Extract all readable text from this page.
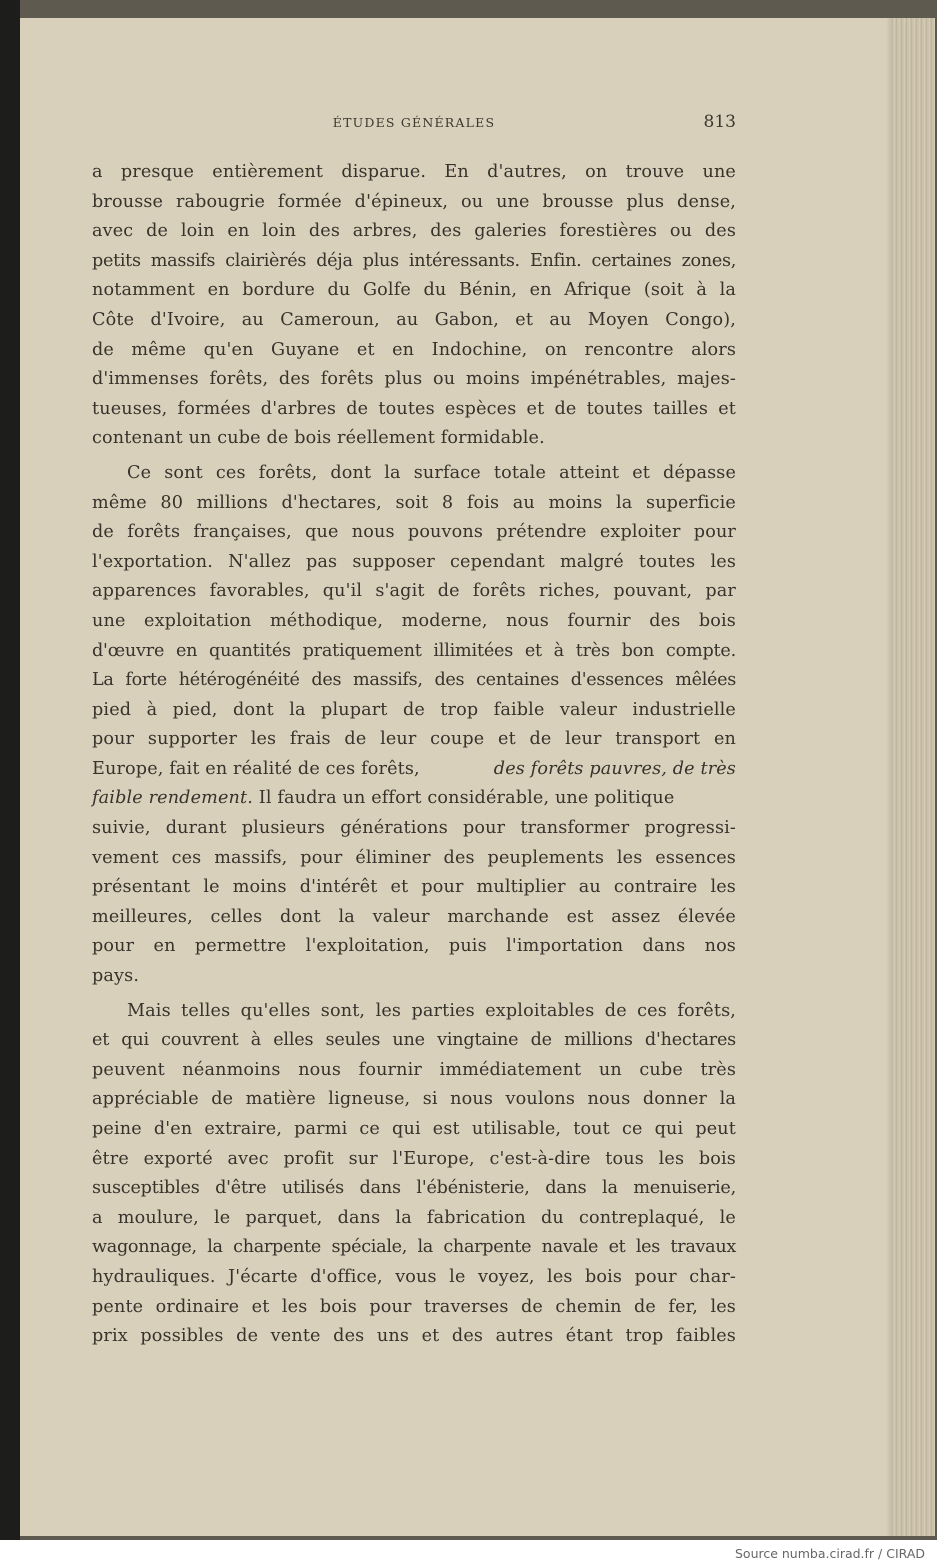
ÉTUDES GÉNÉRALES	813
a presque entièrement disparue. En d'autres, on trouve une
brousse rabougrie formée d'épineux, ou une brousse plus dense,
avec de loin en loin des arbres, des galeries forestières ou des
petits massifs clairièrés déja plus intéressants. Enfin. certaines zones,
notamment en bordure du Golfe du Bénin, en Afrique (soit à la
Côte d'Ivoire, au Cameroun, au Gabon, et au Moyen Congo),
de même qu'en Guyane et en Indochine, on rencontre alors
d'immenses forêts, des forêts plus ou moins impénétrables, majes-
tueuses, formées d'arbres de toutes espèces et de toutes tailles et
contenant un cube de bois réellement formidable.
Ce sont ces forêts, dont la surface totale atteint et dépasse
même 80 millions d'hectares, soit 8 fois au moins la superficie
de forêts françaises, que nous pouvons prétendre exploiter pour
l'exportation. N'allez pas supposer cependant malgré toutes les
apparences favorables, qu'il s'agit de forêts riches, pouvant, par
une exploitation méthodique, moderne, nous fournir des bois
d'œuvre en quantités pratiquement illimitées et à très bon compte.
La forte hétérogénéité des massifs, des centaines d'essences mêlées
pied à pied, dont la plupart de trop faible valeur industrielle
pour supporter les frais de leur coupe et de leur transport en
Europe, fait en réalité de ces forêts,	des forêts pauvres, de très
faible rendement. Il faudra un effort considérable, une politique
suivie, durant plusieurs générations pour transformer progressi-
vement ces massifs, pour éliminer des peuplements les essences
présentant le moins d'intérêt et pour multiplier au contraire les
meilleures, celles dont la valeur marchande est assez élevée
pour en permettre l'exploitation, puis l'importation dans nos
pays.
Mais telles qu'elles sont, les parties exploitables de ces forêts,
et qui couvrent à elles seules une vingtaine de millions d'hectares
peuvent néanmoins nous fournir immédiatement un cube très
appréciable de matière ligneuse, si nous voulons nous donner la
peine d'en extraire, parmi ce qui est utilisable, tout ce qui peut
être exporté avec profit sur l'Europe, c'est-à-dire tous les bois
susceptibles d'être utilisés dans l'ébénisterie, dans la menuiserie,
a moulure, le parquet, dans la fabrication du contreplaqué, le
wagonnage, la charpente spéciale, la charpente navale et les travaux
hydrauliques. J'écarte d'office, vous le voyez, les bois pour char-
pente ordinaire et les bois pour traverses de chemin de fer, les
prix possibles de vente des uns et des autres étant trop faibles
Source numba.cirad.fr / CIRAD
